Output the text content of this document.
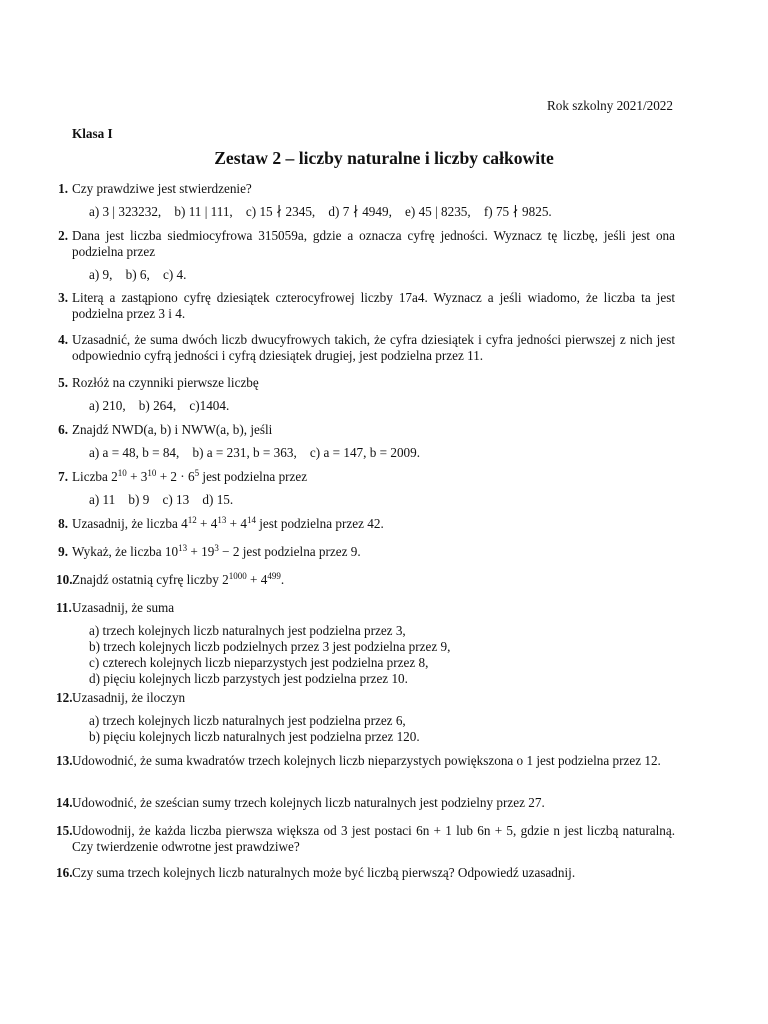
Rok szkolny 2021/2022
Klasa I
Zestaw 2 – liczby naturalne i liczby całkowite
1. Czy prawdziwe jest stwierdzenie?
a) 3 | 323232,    b) 11 | 111,    c) 15 ∤ 2345,    d) 7 ∤ 4949,    e) 45 | 8235,    f) 75 ∤ 9825.
2. Dana jest liczba siedmiocyfrowa 315059a, gdzie a oznacza cyfrę jedności. Wyznacz tę liczbę, jeśli jest ona podzielna przez
a) 9,    b) 6,    c) 4.
3. Literą a zastąpiono cyfrę dziesiątek czterocyfrowej liczby 17a4. Wyznacz a jeśli wiadomo, że liczba ta jest podzielna przez 3 i 4.
4. Uzasadnić, że suma dwóch liczb dwucyfrowych takich, że cyfra dziesiątek i cyfra jedności pierwszej z nich jest odpowiednio cyfrą jedności i cyfrą dziesiątek drugiej, jest podzielna przez 11.
5. Rozłóż na czynniki pierwsze liczbę
a) 210,    b) 264,    c)1404.
6. Znajdź NWD(a, b) i NWW(a, b), jeśli
a) a = 48, b = 84,    b) a = 231, b = 363,    c) a = 147, b = 2009.
7. Liczba $2^{10} + 3^{10} + 2 \cdot 6^5$ jest podzielna przez
a) 11    b) 9    c) 13    d) 15.
8. Uzasadnij, że liczba $4^{12} + 4^{13} + 4^{14}$ jest podzielna przez 42.
9. Wykaż, że liczba $10^{13} + 19^3 - 2$ jest podzielna przez 9.
10. Znajdź ostatnią cyfrę liczby $2^{1000} + 4^{499}$.
11. Uzasadnij, że suma
a) trzech kolejnych liczb naturalnych jest podzielna przez 3,
b) trzech kolejnych liczb podzielnych przez 3 jest podzielna przez 9,
c) czterech kolejnych liczb nieparzystych jest podzielna przez 8,
d) pięciu kolejnych liczb parzystych jest podzielna przez 10.
12. Uzasadnij, że iloczyn
a) trzech kolejnych liczb naturalnych jest podzielna przez 6,
b) pięciu kolejnych liczb naturalnych jest podzielna przez 120.
13. Udowodnić, że suma kwadratów trzech kolejnych liczb nieparzystych powiększona o 1 jest podzielna przez 12.
14. Udowodnić, że sześcian sumy trzech kolejnych liczb naturalnych jest podzielny przez 27.
15. Udowodnij, że każda liczba pierwsza większa od 3 jest postaci 6n + 1 lub 6n + 5, gdzie n jest liczbą naturalną. Czy twierdzenie odwrotne jest prawdziwe?
16. Czy suma trzech kolejnych liczb naturalnych może być liczbą pierwszą? Odpowiedź uzasadnij.
